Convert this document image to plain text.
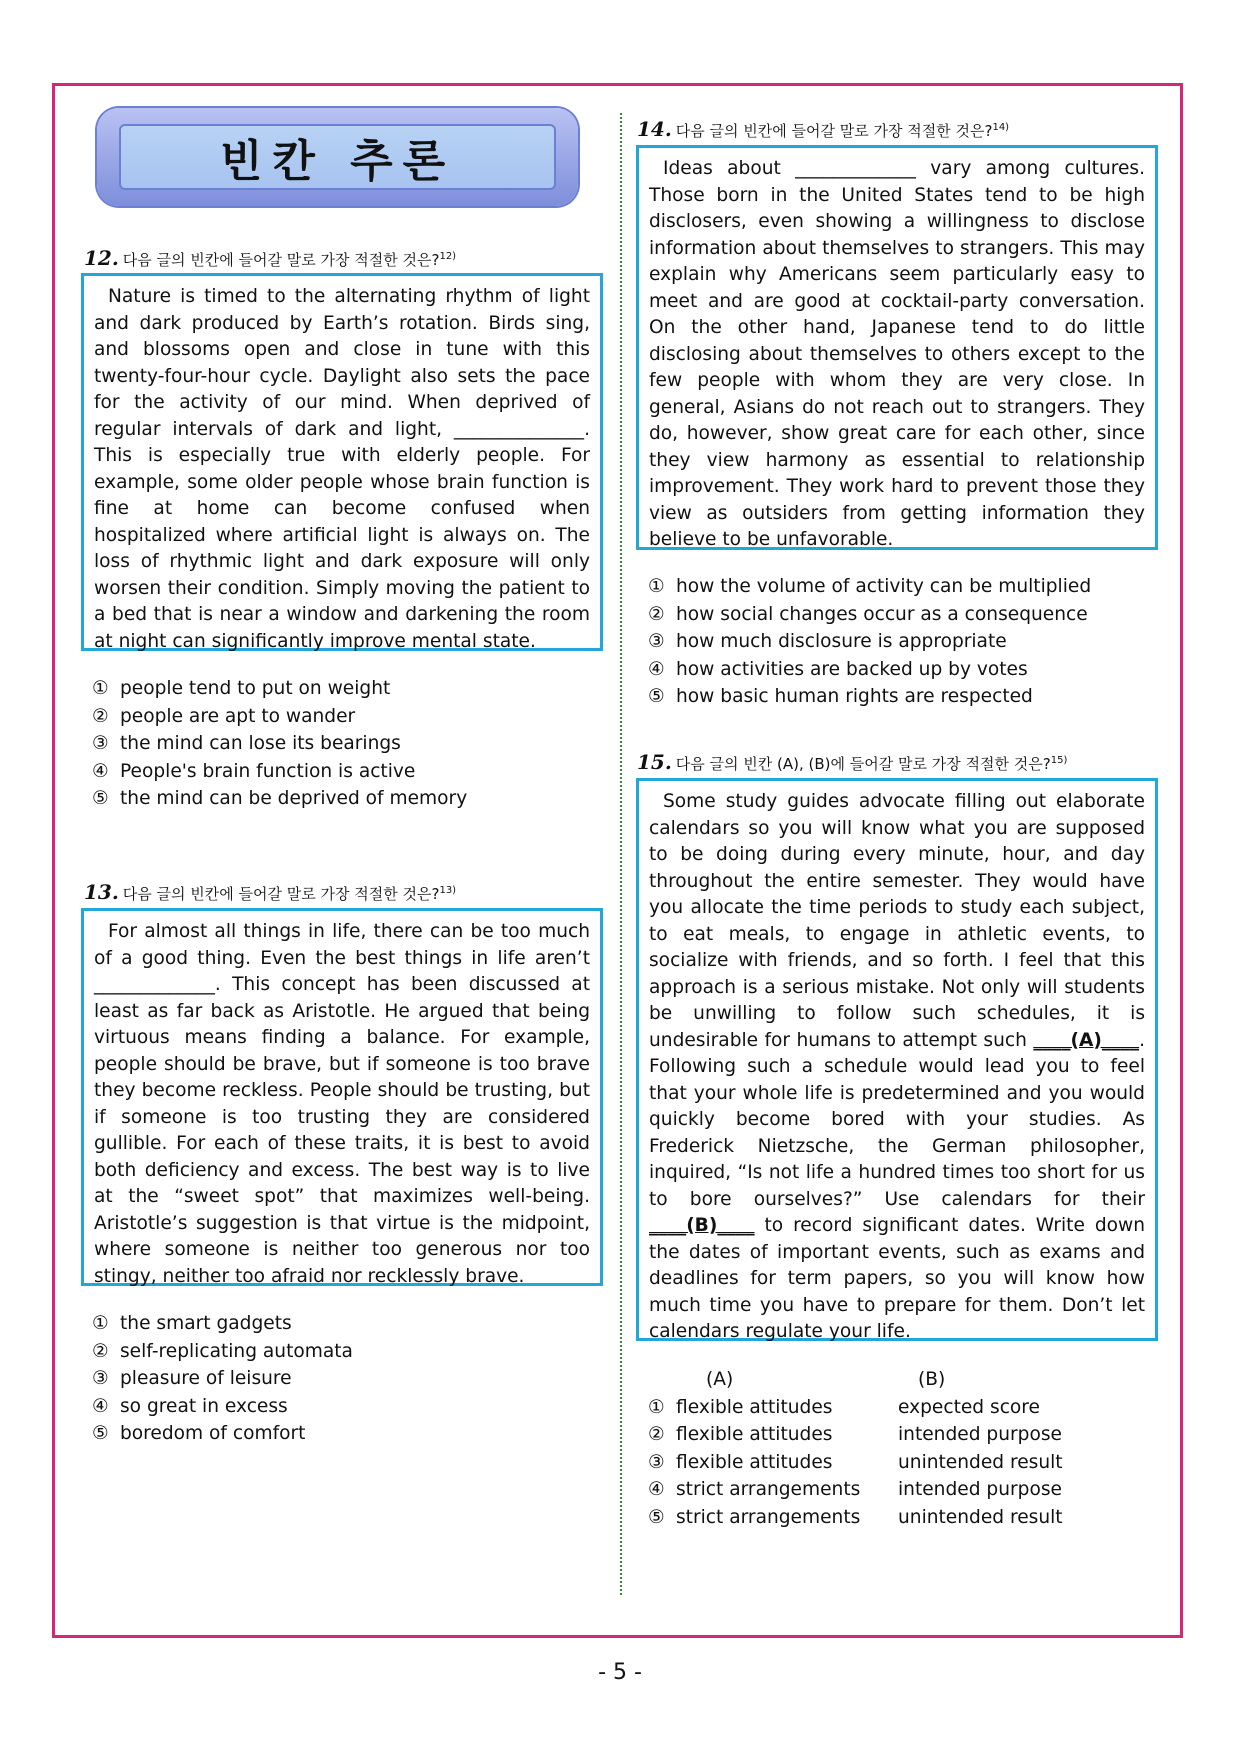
빈칸 추론
12. 다음 글의 빈칸에 들어갈 말로 가장 적절한 것은?$^{12)}$
Nature is timed to the alternating rhythm of light and dark produced by Earth’s rotation. Birds sing, and blossoms open and close in tune with this twenty-four-hour cycle. Daylight also sets the pace for the activity of our mind. When deprived of regular intervals of dark and light, ______________. This is especially true with elderly people. For example, some older people whose brain function is fine at home can become confused when hospitalized where artificial light is always on. The loss of rhythmic light and dark exposure will only worsen their condition. Simply moving the patient to a bed that is near a window and darkening the room at night can significantly improve mental state.
① people tend to put on weight
② people are apt to wander
③ the mind can lose its bearings
④ People's brain function is active
⑤ the mind can be deprived of memory
13. 다음 글의 빈칸에 들어갈 말로 가장 적절한 것은?$^{13)}$
For almost all things in life, there can be too much of a good thing. Even the best things in life aren’t _____________. This concept has been discussed at least as far back as Aristotle. He argued that being virtuous means finding a balance. For example, people should be brave, but if someone is too brave they become reckless. People should be trusting, but if someone is too trusting they are considered gullible. For each of these traits, it is best to avoid both deficiency and excess. The best way is to live at the “sweet spot” that maximizes well-being. Aristotle’s suggestion is that virtue is the midpoint, where someone is neither too generous nor too stingy, neither too afraid nor recklessly brave.
① the smart gadgets
② self-replicating automata
③ pleasure of leisure
④ so great in excess
⑤ boredom of comfort
14. 다음 글의 빈칸에 들어갈 말로 가장 적절한 것은?$^{14)}$
Ideas about _____________ vary among cultures. Those born in the United States tend to be high disclosers, even showing a willingness to disclose information about themselves to strangers. This may explain why Americans seem particularly easy to meet and are good at cocktail-party conversation. On the other hand, Japanese tend to do little disclosing about themselves to others except to the few people with whom they are very close. In general, Asians do not reach out to strangers. They do, however, show great care for each other, since they view harmony as essential to relationship improvement. They work hard to prevent those they view as outsiders from getting information they believe to be unfavorable.
① how the volume of activity can be multiplied
② how social changes occur as a consequence
③ how much disclosure is appropriate
④ how activities are backed up by votes
⑤ how basic human rights are respected
15. 다음 글의 빈칸 (A), (B)에 들어갈 말로 가장 적절한 것은?$^{15)}$
Some study guides advocate filling out elaborate calendars so you will know what you are supposed to be doing during every minute, hour, and day throughout the entire semester. They would have you allocate the time periods to study each subject, to eat meals, to engage in athletic events, to socialize with friends, and so forth. I feel that this approach is a serious mistake. Not only will students be unwilling to follow such schedules, it is undesirable for humans to attempt such ____(A)____. Following such a schedule would lead you to feel that your whole life is predetermined and you would quickly become bored with your studies. As Frederick Nietzsche, the German philosopher, inquired, “Is not life a hundred times too short for us to bore ourselves?” Use calendars for their ____(B)____ to record significant dates. Write down the dates of important events, such as exams and deadlines for term papers, so you will know how much time you have to prepare for them. Don’t let calendars regulate your life.
(A)	(B)
① flexible attitudes	expected score
② flexible attitudes	intended purpose
③ flexible attitudes	unintended result
④ strict arrangements	intended purpose
⑤ strict arrangements	unintended result
- 5 -
